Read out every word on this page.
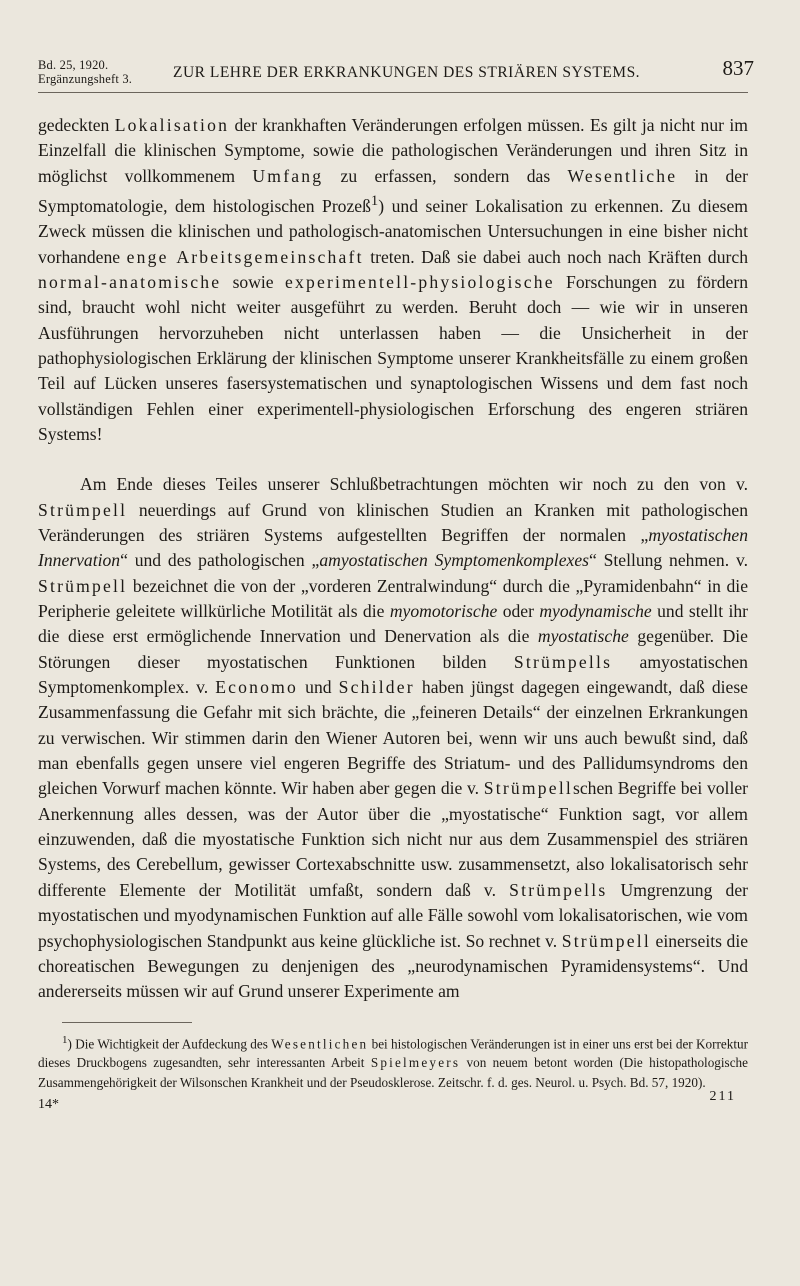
Bd. 25, 1920.
Ergänzungsheft 3.	ZUR LEHRE DER ERKRANKUNGEN DES STRIÄREN SYSTEMS.	837

gedeckten Lokalisation der krankhaften Veränderungen erfolgen müssen. Es gilt ja nicht nur im Einzelfall die klinischen Symptome, sowie die pathologischen Veränderungen und ihren Sitz in möglichst vollkommenem Umfang zu erfassen, sondern das Wesentliche in der Symptomatologie, dem histologischen Prozeß$^1$) und seiner Lokalisation zu erkennen. Zu diesem Zweck müssen die klinischen und pathologisch-anatomischen Untersuchungen in eine bisher nicht vorhandene enge Arbeitsgemeinschaft treten. Daß sie dabei auch noch nach Kräften durch normal-anatomische sowie experimentell-physiologische Forschungen zu fördern sind, braucht wohl nicht weiter ausgeführt zu werden. Beruht doch — wie wir in unseren Ausführungen hervorzuheben nicht unterlassen haben — die Unsicherheit in der pathophysiologischen Erklärung der klinischen Symptome unserer Krankheitsfälle zu einem großen Teil auf Lücken unseres fasersystematischen und synaptologischen Wissens und dem fast noch vollständigen Fehlen einer experimentell-physiologischen Erforschung des engeren striären Systems!

Am Ende dieses Teiles unserer Schlußbetrachtungen möchten wir noch zu den von v. Strümpell neuerdings auf Grund von klinischen Studien an Kranken mit pathologischen Veränderungen des striären Systems aufgestellten Begriffen der normalen „myostatischen Innervation“ und des pathologischen „amyostatischen Symptomenkomplexes“ Stellung nehmen. v. Strümpell bezeichnet die von der „vorderen Zentralwindung“ durch die „Pyramidenbahn“ in die Peripherie geleitete willkürliche Motilität als die myomotorische oder myodynamische und stellt ihr die diese erst ermöglichende Innervation und Denervation als die myostatische gegenüber. Die Störungen dieser myostatischen Funktionen bilden Strümpells amyostatischen Symptomenkomplex. v. Economo und Schilder haben jüngst dagegen eingewandt, daß diese Zusammenfassung die Gefahr mit sich brächte, die „feineren Details“ der einzelnen Erkrankungen zu verwischen. Wir stimmen darin den Wiener Autoren bei, wenn wir uns auch bewußt sind, daß man ebenfalls gegen unsere viel engeren Begriffe des Striatum- und des Pallidumsyndroms den gleichen Vorwurf machen könnte. Wir haben aber gegen die v. Strümpellschen Begriffe bei voller Anerkennung alles dessen, was der Autor über die „myostatische“ Funktion sagt, vor allem einzuwenden, daß die myostatische Funktion sich nicht nur aus dem Zusammenspiel des striären Systems, des Cerebellum, gewisser Cortexabschnitte usw. zusammensetzt, also lokalisatorisch sehr differente Elemente der Motilität umfaßt, sondern daß v. Strümpells Umgrenzung der myostatischen und myodynamischen Funktion auf alle Fälle sowohl vom lokalisatorischen, wie vom psychophysiologischen Standpunkt aus keine glückliche ist. So rechnet v. Strümpell einerseits die choreatischen Bewegungen zu denjenigen des „neurodynamischen Pyramidensystems“. Und andererseits müssen wir auf Grund unserer Experimente am

$^1$) Die Wichtigkeit der Aufdeckung des Wesentlichen bei histologischen Veränderungen ist in einer uns erst bei der Korrektur dieses Druckbogens zugesandten, sehr interessanten Arbeit Spielmeyers von neuem betont worden (Die histopathologische Zusammengehörigkeit der Wilsonschen Krankheit und der Pseudosklerose. Zeitschr. f. d. ges. Neurol. u. Psych. Bd. 57, 1920).

14*
211
